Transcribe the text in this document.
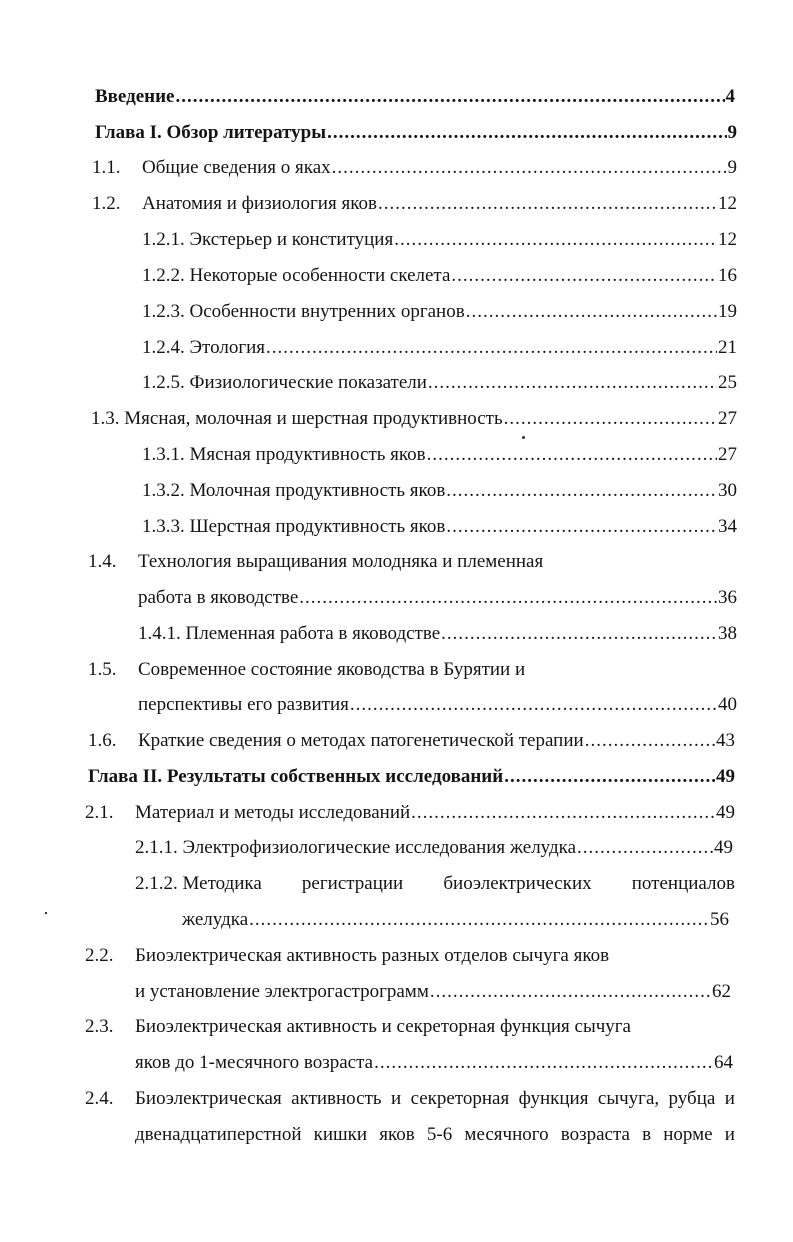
Введение .....	4
Глава I. Обзор литературы .....	9
1.1. Общие сведения о яках .....	9
1.2. Анатомия и физиология яков .....	12
1.2.1. Экстерьер и конституция .....	12
1.2.2. Некоторые особенности скелета .....	16
1.2.3. Особенности внутренних органов .....	19
1.2.4. Этология .....	21
1.2.5. Физиологические показатели .....	25
1.3. Мясная, молочная и шерстная продуктивность .....	27
1.3.1. Мясная продуктивность яков .....	27
1.3.2. Молочная продуктивность яков .....	30
1.3.3. Шерстная продуктивность яков .....	34
1.4. Технология выращивания молодняка и племенная
работа в яководстве .....	36
1.4.1. Племенная работа в яководстве .....	38
1.5. Современное состояние яководства в Бурятии и
перспективы его развития .....	40
1.6. Краткие сведения о методах патогенетической терапии .....	43
Глава II. Результаты собственных исследований .....	49
2.1. Материал и методы исследований .....	49
2.1.1. Электрофизиологические исследования желудка .....	49
2.1.2. Методика регистрации биоэлектрических потенциалов
желудка .....	56
2.2. Биоэлектрическая активность разных отделов сычуга яков
и установление электрогастрограмм .....	62
2.3. Биоэлектрическая активность и секреторная функция сычуга
яков до 1-месячного возраста .....	64
2.4. Биоэлектрическая активность и секреторная функция сычуга, рубца и
двенадцатиперстной кишки яков 5-6 месячного возраста в норме и
